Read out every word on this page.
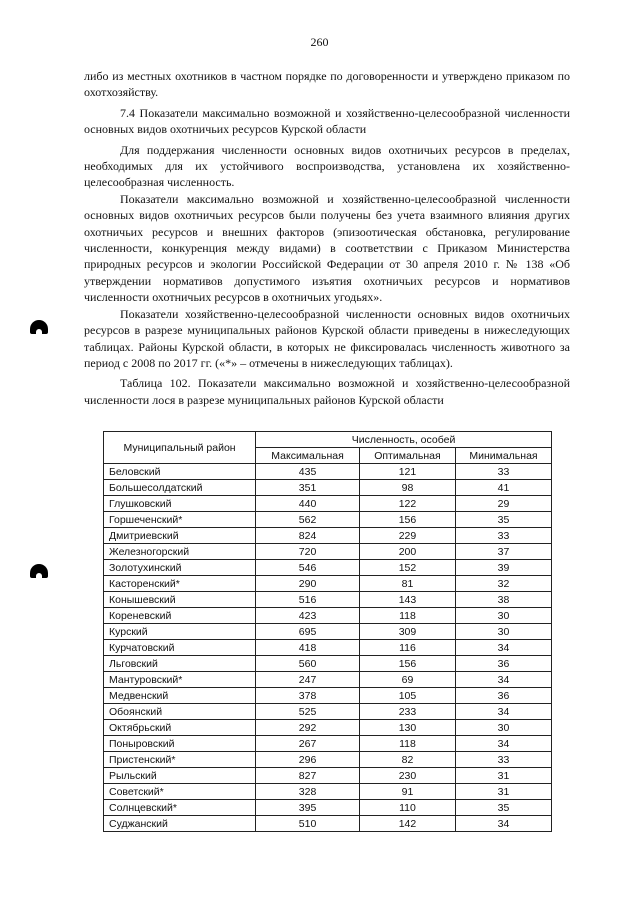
260

либо из местных охотников в частном порядке по договоренности и утверждено приказом по охотхозяйству.

7.4 Показатели максимально возможной и хозяйственно-целесообразной численности основных видов охотничьих ресурсов Курской области

Для поддержания численности основных видов охотничьих ресурсов в пределах, необходимых для их устойчивого воспроизводства, установлена их хозяйственно-целесообразная численность.

Показатели максимально возможной и хозяйственно-целесообразной численности основных видов охотничьих ресурсов были получены без учета взаимного влияния других охотничьих ресурсов и внешних факторов (эпизоотическая обстановка, регулирование численности, конкуренция между видами) в соответствии с Приказом Министерства природных ресурсов и экологии Российской Федерации от 30 апреля 2010 г. № 138 «Об утверждении нормативов допустимого изъятия охотничьих ресурсов и нормативов численности охотничьих ресурсов в охотничьих угодьях».

Показатели хозяйственно-целесообразной численности основных видов охотничьих ресурсов в разрезе муниципальных районов Курской области приведены в нижеследующих таблицах. Районы Курской области, в которых не фиксировалась численность животного за период с 2008 по 2017 гг. («*» – отмечены в нижеследующих таблицах).

Таблица 102. Показатели максимально возможной и хозяйственно-целесообразной численности лося в разрезе муниципальных районов Курской области

Муниципальный район	Численность, особей		
	Максимальная	Оптимальная	Минимальная
Беловский	435	121	33
Большесолдатский	351	98	41
Глушковский	440	122	29
Горшеченский*	562	156	35
Дмитриевский	824	229	33
Железногорский	720	200	37
Золотухинский	546	152	39
Касторенский*	290	81	32
Конышевский	516	143	38
Кореневский	423	118	30
Курский	695	309	30
Курчатовский	418	116	34
Льговский	560	156	36
Мантуровский*	247	69	34
Медвенский	378	105	36
Обоянский	525	233	34
Октябрьский	292	130	30
Поныровский	267	118	34
Пристенский*	296	82	33
Рыльский	827	230	31
Советский*	328	91	31
Солнцевский*	395	110	35
Суджанский	510	142	34
